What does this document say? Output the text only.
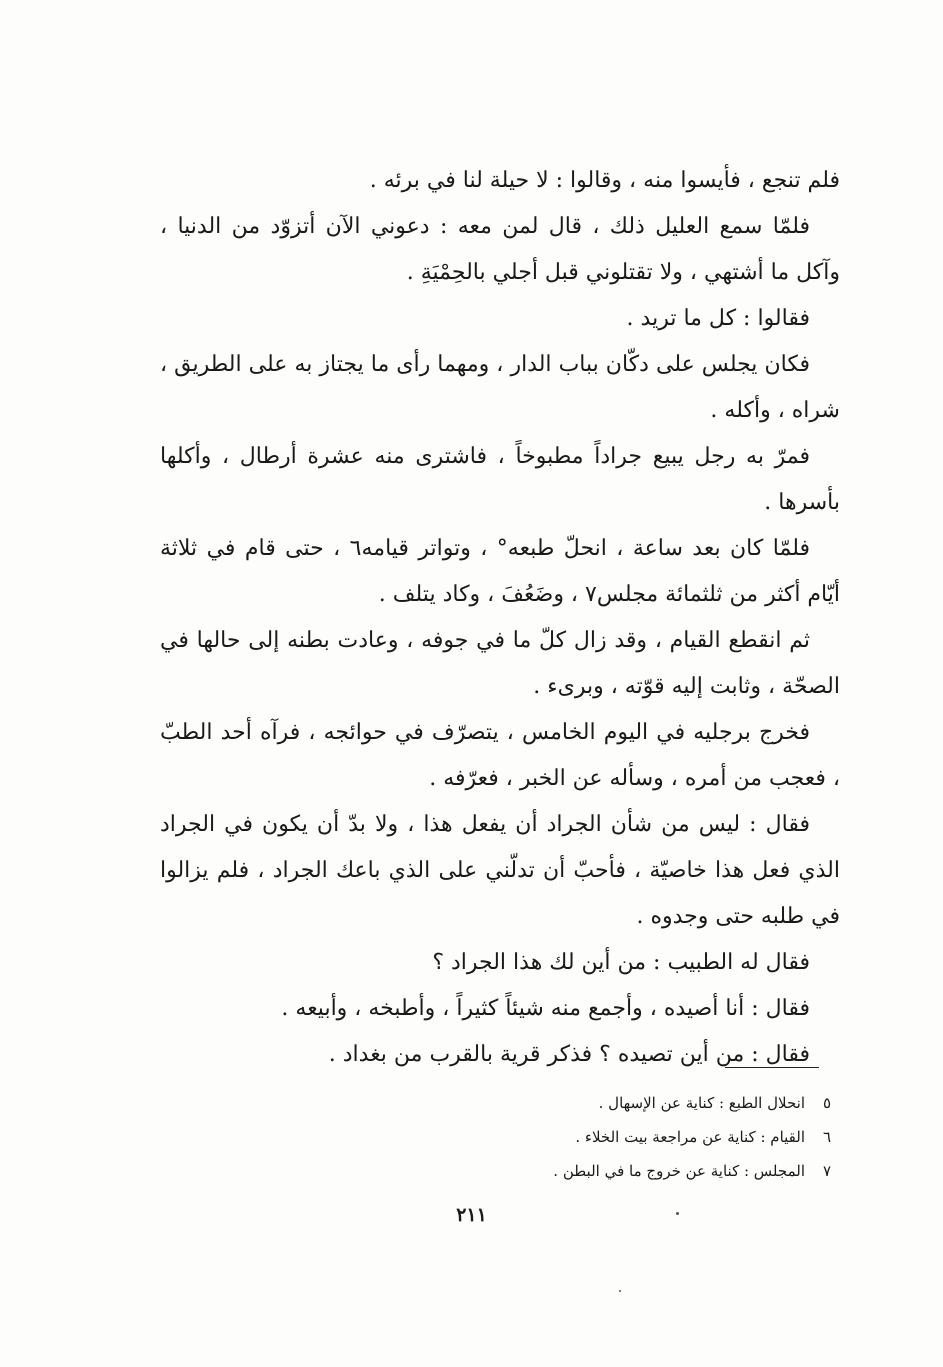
فلم تنجع ، فأيسوا منه ، وقالوا : لا حيلة لنا في برئه .

فلمّا سمع العليل ذلك ، قال لمن معه : دعوني الآن أتزوّد من الدنيا ، وآكل ما أشتهي ، ولا تقتلوني قبل أجلي بالحِمْيَةِ .

فقالوا : كل ما تريد .

فكان يجلس على دكّان بباب الدار ، ومهما رأى ما يجتاز به على الطريق ، شراه ، وأكله .

فمرّ به رجل يبيع جراداً مطبوخاً ، فاشترى منه عشرة أرطال ، وأكلها بأسرها .

فلمّا كان بعد ساعة ، انحلّ طبعه° ، وتواتر قيامه٦ ، حتى قام في ثلاثة أيّام أكثر من ثلثمائة مجلس٧ ، وضَعُفَ ، وكاد يتلف .

ثم انقطع القيام ، وقد زال كلّ ما في جوفه ، وعادت بطنه إلى حالها في الصحّة ، وثابت إليه قوّته ، وبرىء .

فخرج برجليه في اليوم الخامس ، يتصرّف في حوائجه ، فرآه أحد الطبّ ، فعجب من أمره ، وسأله عن الخبر ، فعرّفه .

فقال : ليس من شأن الجراد أن يفعل هذا ، ولا بدّ أن يكون في الجراد الذي فعل هذا خاصيّة ، فأحبّ أن تدلّني على الذي باعك الجراد ، فلم يزالوا في طلبه حتى وجدوه .

فقال له الطبيب : من أين لك هذا الجراد ؟

فقال : أنا أصيده ، وأجمع منه شيئاً كثيراً ، وأطبخه ، وأبيعه .

فقال : من أين تصيده ؟ فذكر قرية بالقرب من بغداد .

٥انحلال الطبع : كناية عن الإسهال .
٦القيام : كناية عن مراجعة بيت الخلاء .
٧المجلس : كناية عن خروج ما في البطن .
٢١١
